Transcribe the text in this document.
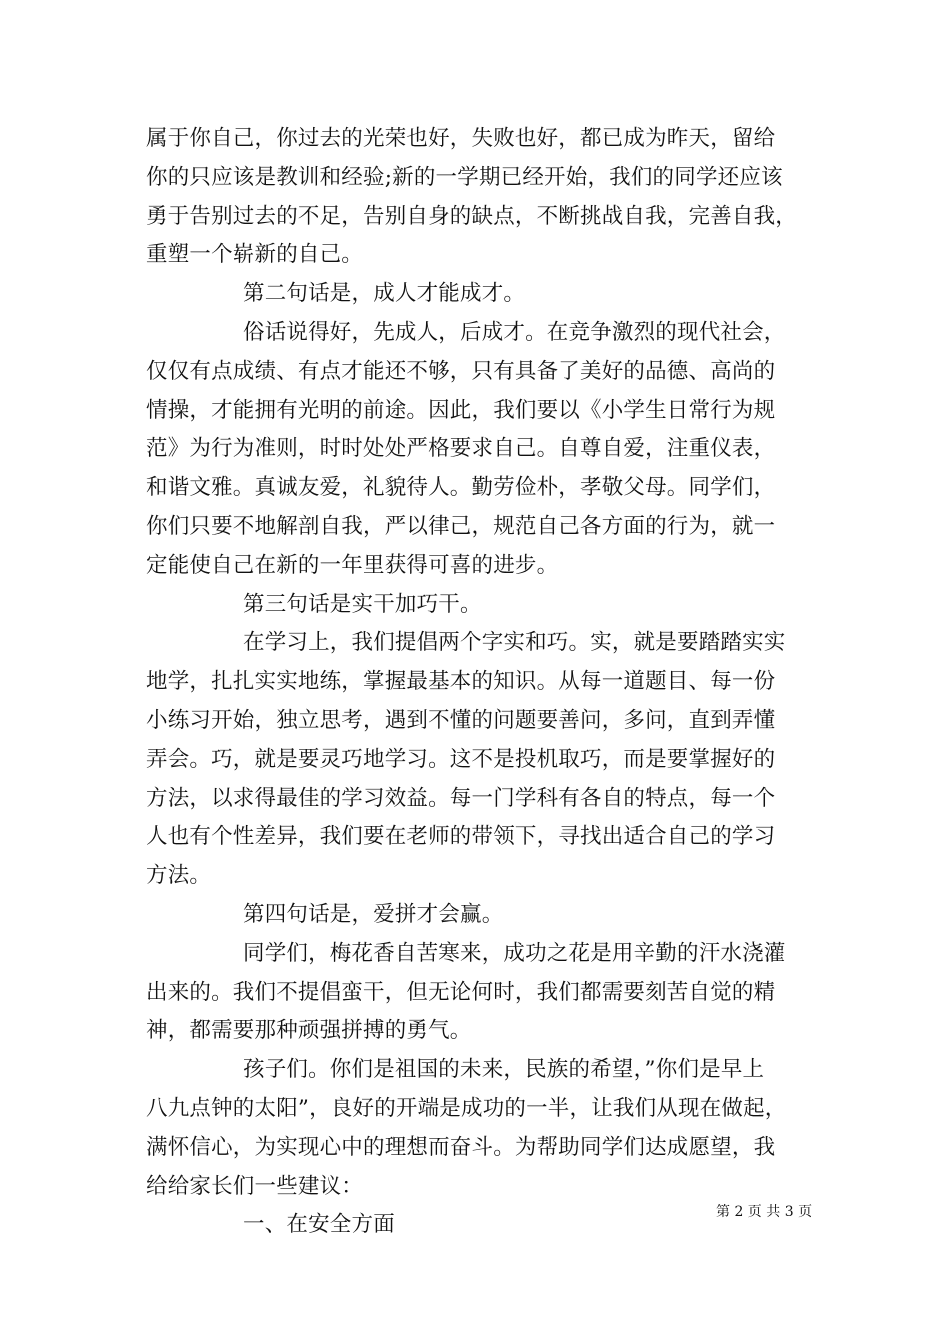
属于你自己，你过去的光荣也好，失败也好，都已成为昨天，留给
你的只应该是教训和经验;新的一学期已经开始，我们的同学还应该
勇于告别过去的不足，告别自身的缺点，不断挑战自我，完善自我，
重塑一个崭新的自己。
第二句话是，成人才能成才。
俗话说得好，先成人，后成才。在竞争激烈的现代社会，
仅仅有点成绩、有点才能还不够，只有具备了美好的品德、高尚的
情操，才能拥有光明的前途。因此，我们要以《小学生日常行为规
范》为行为准则，时时处处严格要求自己。自尊自爱，注重仪表，
和谐文雅。真诚友爱，礼貌待人。勤劳俭朴，孝敬父母。同学们，
你们只要不地解剖自我，严以律己，规范自己各方面的行为，就一
定能使自己在新的一年里获得可喜的进步。
第三句话是实干加巧干。
在学习上，我们提倡两个字实和巧。实，就是要踏踏实实
地学，扎扎实实地练，掌握最基本的知识。从每一道题目、每一份
小练习开始，独立思考，遇到不懂的问题要善问，多问，直到弄懂
弄会。巧，就是要灵巧地学习。这不是投机取巧，而是要掌握好的
方法，以求得最佳的学习效益。每一门学科有各自的特点，每一个
人也有个性差异，我们要在老师的带领下，寻找出适合自己的学习
方法。
第四句话是，爱拼才会赢。
同学们，梅花香自苦寒来，成功之花是用辛勤的汗水浇灌
出来的。我们不提倡蛮干，但无论何时，我们都需要刻苦自觉的精
神，都需要那种顽强拼搏的勇气。
孩子们。你们是祖国的未来，民族的希望，”你们是早上
八九点钟的太阳”，良好的开端是成功的一半，让我们从现在做起，
满怀信心，为实现心中的理想而奋斗。为帮助同学们达成愿望，我
给给家长们一些建议：
一、在安全方面
第 2 页 共 3 页
